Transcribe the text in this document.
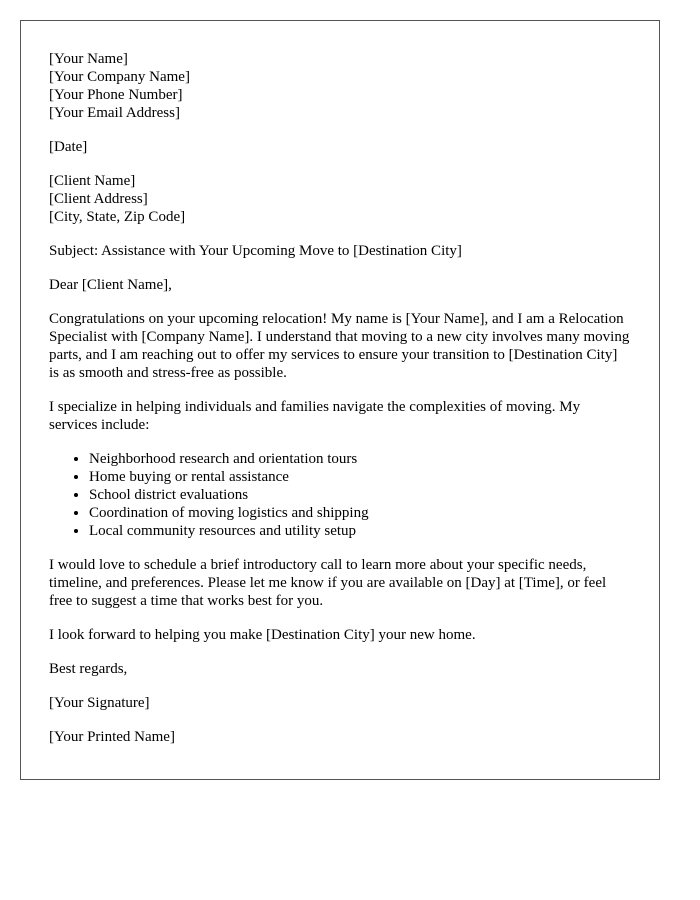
[Your Name]
[Your Company Name]
[Your Phone Number]
[Your Email Address]
[Date]
[Client Name]
[Client Address]
[City, State, Zip Code]

Subject: Assistance with Your Upcoming Move to [Destination City]

Dear [Client Name],

Congratulations on your upcoming relocation! My name is [Your Name], and I am a Relocation Specialist with [Company Name]. I understand that moving to a new city involves many moving parts, and I am reaching out to offer my services to ensure your transition to [Destination City] is as smooth and stress-free as possible.

I specialize in helping individuals and families navigate the complexities of moving. My services include:

• Neighborhood research and orientation tours
• Home buying or rental assistance
• School district evaluations
• Coordination of moving logistics and shipping
• Local community resources and utility setup

I would love to schedule a brief introductory call to learn more about your specific needs, timeline, and preferences. Please let me know if you are available on [Day] at [Time], or feel free to suggest a time that works best for you.

I look forward to helping you make [Destination City] your new home.

Best regards,

[Your Signature]

[Your Printed Name]
